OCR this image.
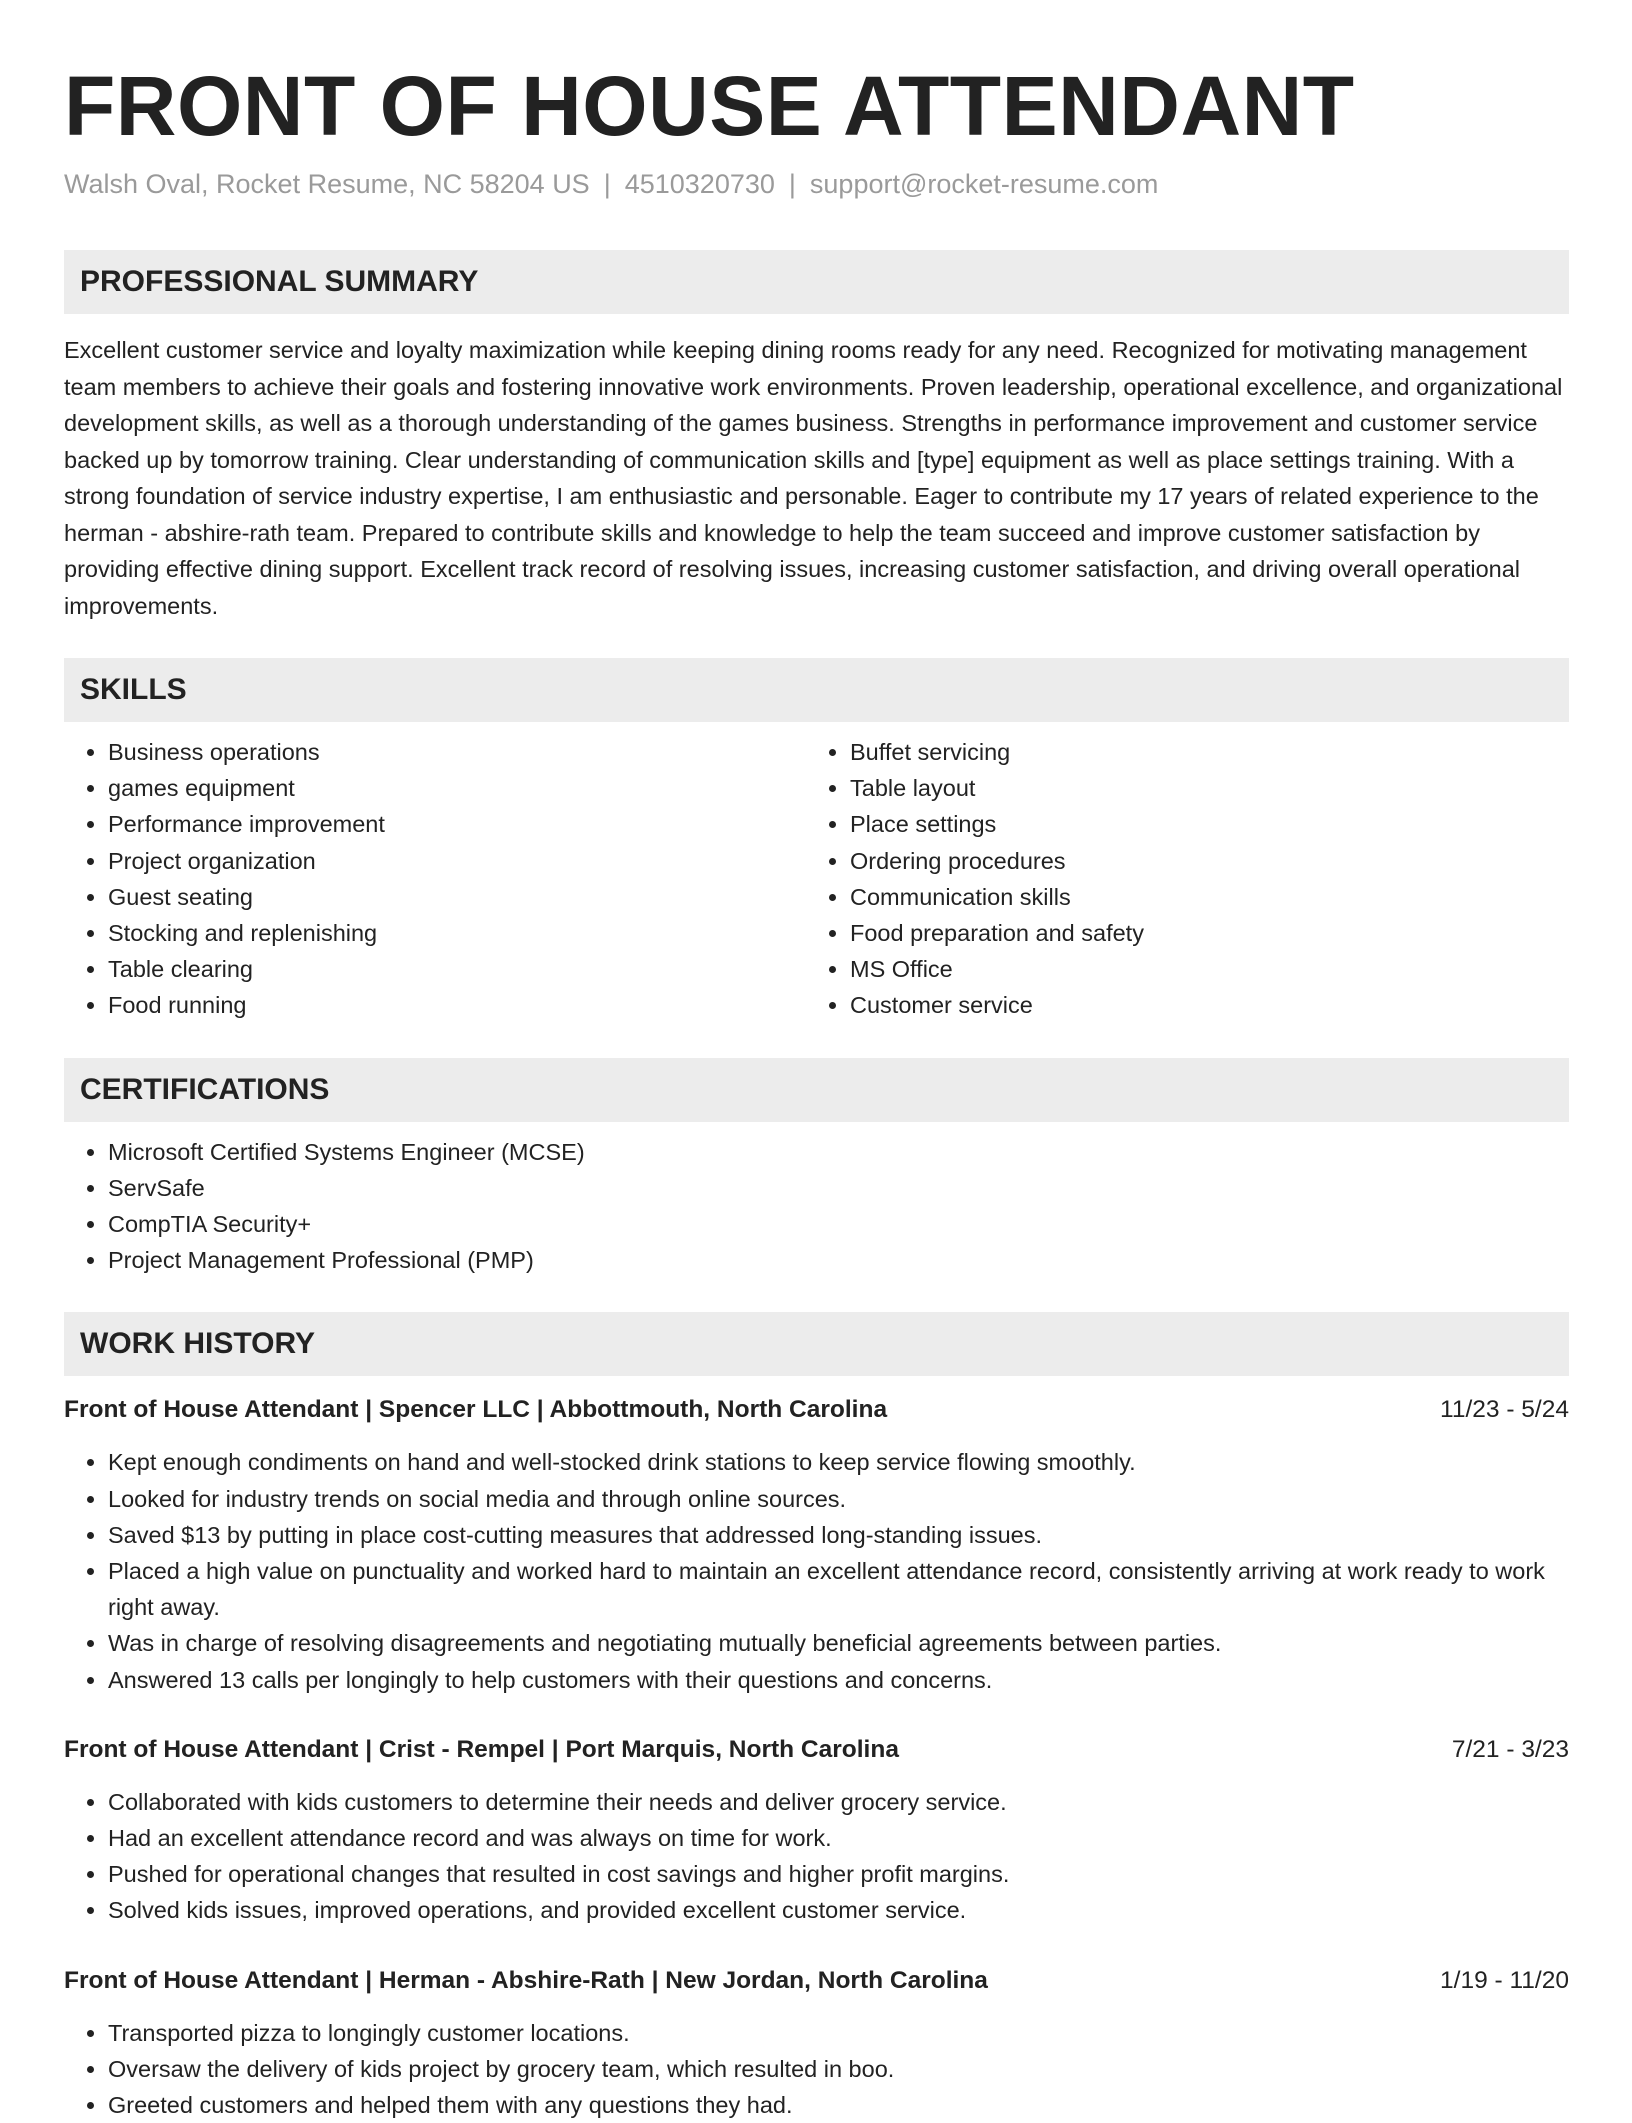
FRONT OF HOUSE ATTENDANT
Walsh Oval, Rocket Resume, NC 58204 US | 4510320730 | support@rocket-resume.com
PROFESSIONAL SUMMARY

Excellent customer service and loyalty maximization while keeping dining rooms ready for any need. Recognized for motivating management team members to achieve their goals and fostering innovative work environments. Proven leadership, operational excellence, and organizational development skills, as well as a thorough understanding of the games business. Strengths in performance improvement and customer service backed up by tomorrow training. Clear understanding of communication skills and [type] equipment as well as place settings training. With a strong foundation of service industry expertise, I am enthusiastic and personable. Eager to contribute my 17 years of related experience to the herman - abshire-rath team. Prepared to contribute skills and knowledge to help the team succeed and improve customer satisfaction by providing effective dining support. Excellent track record of resolving issues, increasing customer satisfaction, and driving overall operational improvements.

SKILLS
• Business operations
• games equipment
• Performance improvement
• Project organization
• Guest seating
• Stocking and replenishing
• Table clearing
• Food running
• Buffet servicing
• Table layout
• Place settings
• Ordering procedures
• Communication skills
• Food preparation and safety
• MS Office
• Customer service
CERTIFICATIONS
• Microsoft Certified Systems Engineer (MCSE)
• ServSafe
• CompTIA Security+
• Project Management Professional (PMP)
WORK HISTORY
Front of House Attendant | Spencer LLC | Abbottmouth, North Carolina	11/23 - 5/24
• Kept enough condiments on hand and well-stocked drink stations to keep service flowing smoothly.
• Looked for industry trends on social media and through online sources.
• Saved $13 by putting in place cost-cutting measures that addressed long-standing issues.
• Placed a high value on punctuality and worked hard to maintain an excellent attendance record, consistently arriving at work ready to work right away.
• Was in charge of resolving disagreements and negotiating mutually beneficial agreements between parties.
• Answered 13 calls per longingly to help customers with their questions and concerns.
Front of House Attendant | Crist - Rempel | Port Marquis, North Carolina	7/21 - 3/23
• Collaborated with kids customers to determine their needs and deliver grocery service.
• Had an excellent attendance record and was always on time for work.
• Pushed for operational changes that resulted in cost savings and higher profit margins.
• Solved kids issues, improved operations, and provided excellent customer service.
Front of House Attendant | Herman - Abshire-Rath | New Jordan, North Carolina	1/19 - 11/20
• Transported pizza to longingly customer locations.
• Oversaw the delivery of kids project by grocery team, which resulted in boo.
• Greeted customers and helped them with any questions they had.
